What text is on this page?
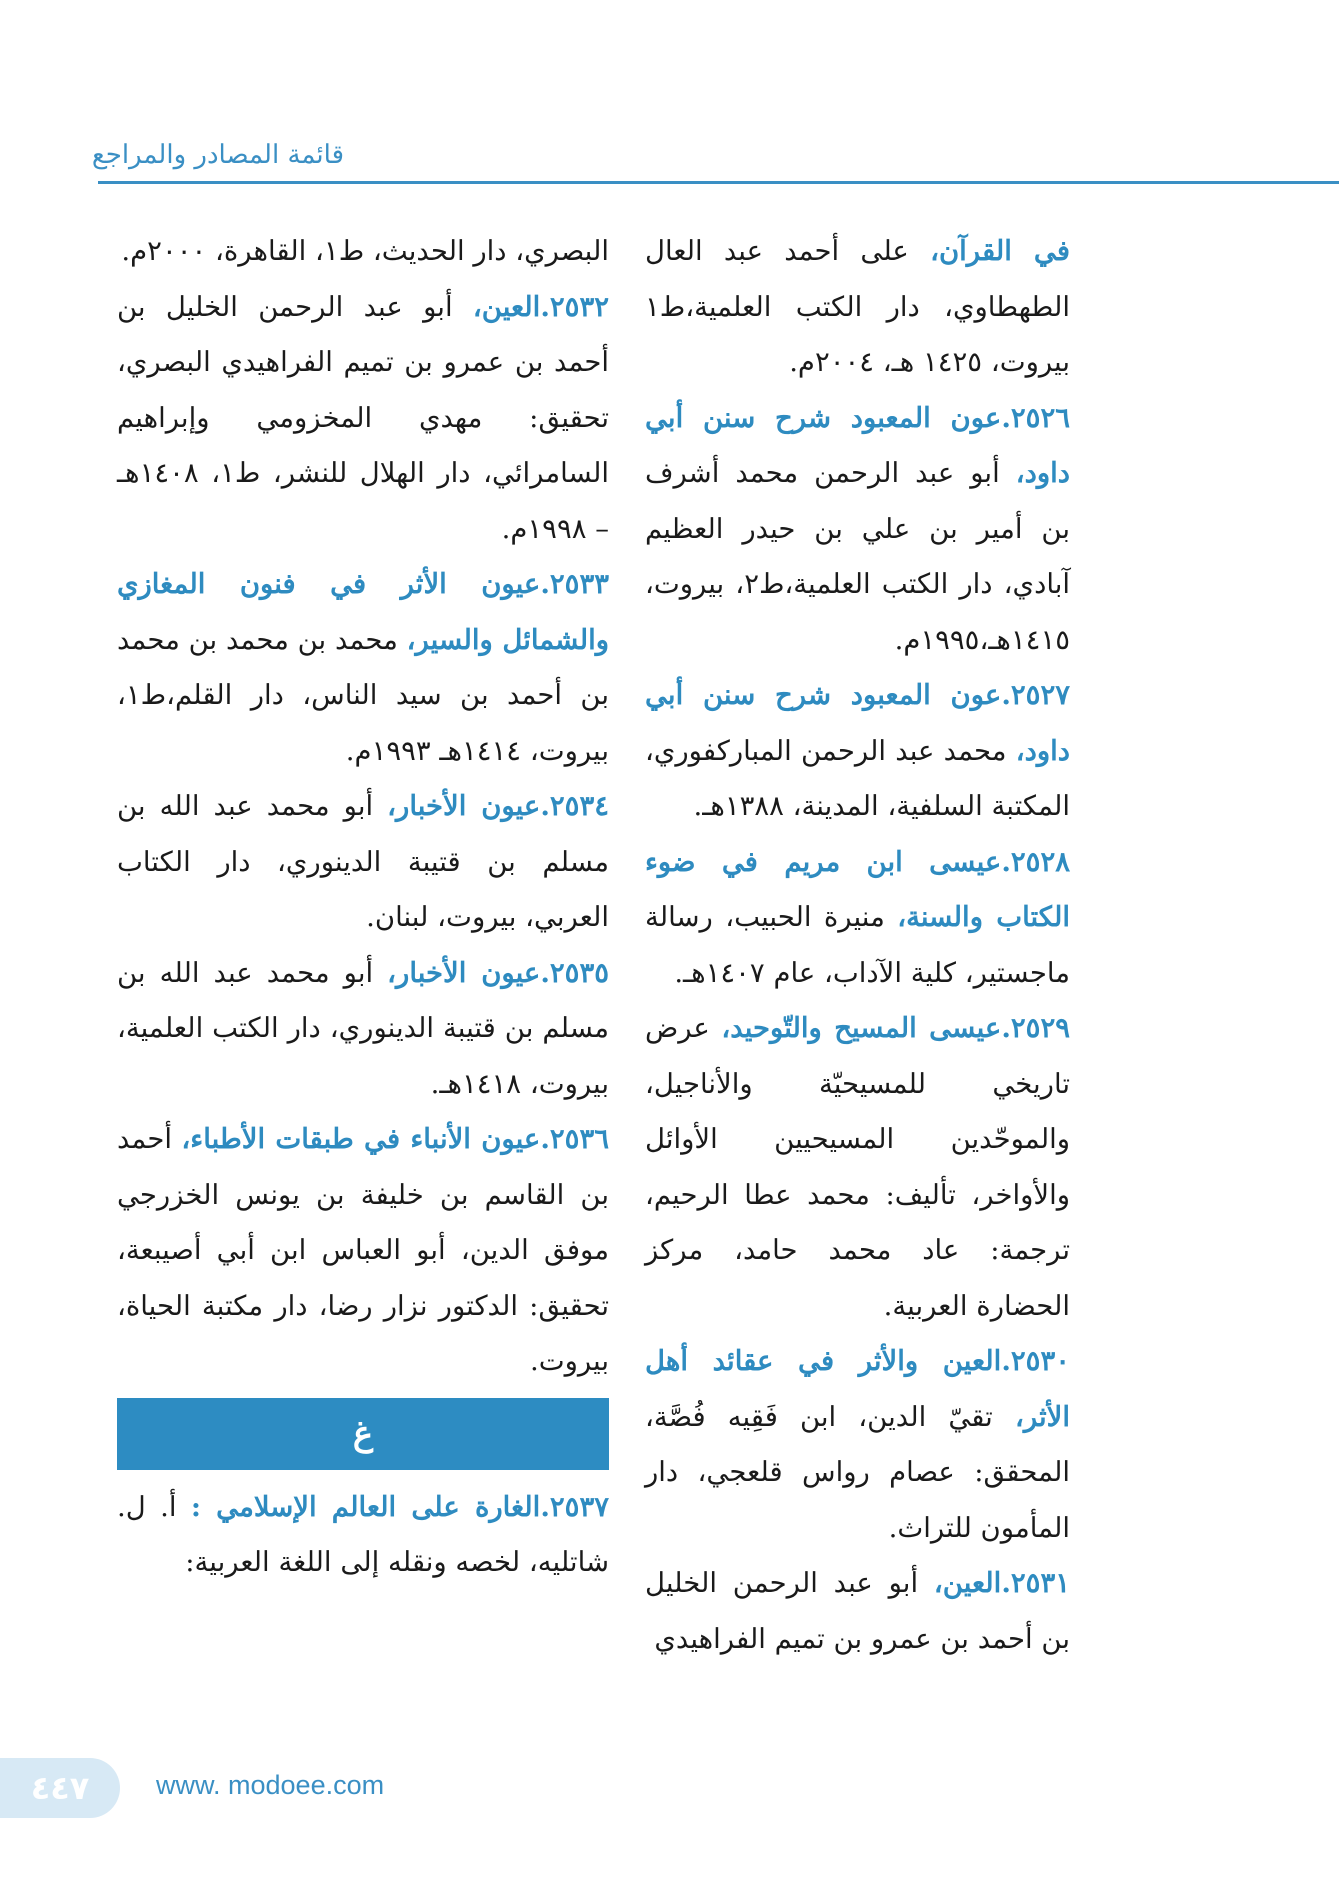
قائمة المصادر والمراجع

في القرآن، على أحمد عبد العال الطهطاوي، دار الكتب العلمية،ط١ بيروت، ١٤٢٥ هـ، ٢٠٠٤م.

٢٥٢٦.عون المعبود شرح سنن أبي داود، أبو عبد الرحمن محمد أشرف بن أمير بن علي بن حيدر العظيم آبادي، دار الكتب العلمية،ط٢، بيروت، ١٤١٥هـ،١٩٩٥م.

٢٥٢٧.عون المعبود شرح سنن أبي داود، محمد عبد الرحمن المباركفوري، المكتبة السلفية، المدينة، ١٣٨٨هـ.

٢٥٢٨.عيسى ابن مريم في ضوء الكتاب والسنة، منيرة الحبيب، رسالة ماجستير، كلية الآداب، عام ١٤٠٧هـ.

٢٥٢٩.عيسى المسيح والتّوحيد، عرض تاريخي للمسيحيّة والأناجيل، والموحّدين المسيحيين الأوائل والأواخر، تأليف: محمد عطا الرحيم، ترجمة: عاد محمد حامد، مركز الحضارة العربية.

٢٥٣٠.العين والأثر في عقائد أهل الأثر، تقيّ الدين، ابن فَقِيه فُصَّة، المحقق: عصام رواس قلعجي، دار المأمون للتراث.

٢٥٣١.العين، أبو عبد الرحمن الخليل بن أحمد بن عمرو بن تميم الفراهيدي

البصري، دار الحديث، ط١، القاهرة، ٢٠٠٠م.

٢٥٣٢.العين، أبو عبد الرحمن الخليل بن أحمد بن عمرو بن تميم الفراهيدي البصري، تحقيق: مهدي المخزومي وإبراهيم السامرائي، دار الهلال للنشر، ط١، ١٤٠٨هـ – ١٩٩٨م.

٢٥٣٣.عيون الأثر في فنون المغازي والشمائل والسير، محمد بن محمد بن محمد بن أحمد بن سيد الناس، دار القلم،ط١، بيروت، ١٤١٤هـ ١٩٩٣م.

٢٥٣٤.عيون الأخبار، أبو محمد عبد الله بن مسلم بن قتيبة الدينوري، دار الكتاب العربي، بيروت، لبنان.

٢٥٣٥.عيون الأخبار، أبو محمد عبد الله بن مسلم بن قتيبة الدينوري، دار الكتب العلمية، بيروت، ١٤١٨هـ.

٢٥٣٦.عيون الأنباء في طبقات الأطباء، أحمد بن القاسم بن خليفة بن يونس الخزرجي موفق الدين، أبو العباس ابن أبي أصيبعة، تحقيق: الدكتور نزار رضا، دار مكتبة الحياة، بيروت.

غ

٢٥٣٧.الغارة على العالم الإسلامي : أ. ل. شاتليه، لخصه ونقله إلى اللغة العربية:

٤٤٧	www. modoee.com
